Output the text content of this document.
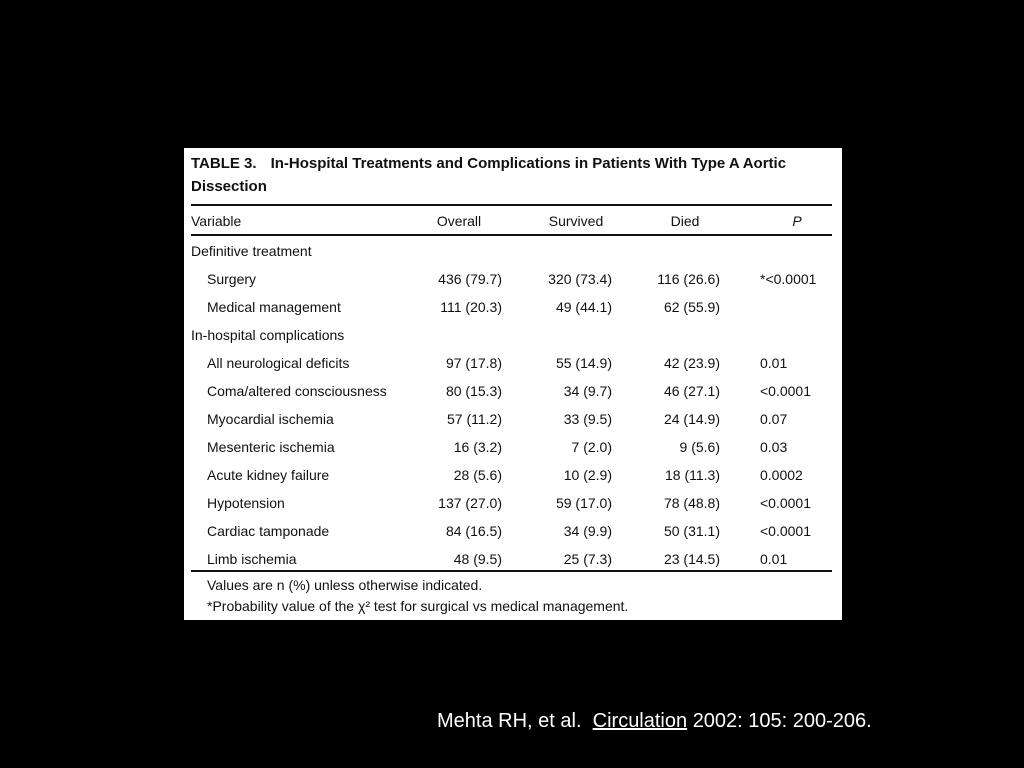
TABLE 3. In-Hospital Treatments and Complications in Patients With Type A Aortic Dissection
Variable	Overall	Survived	Died	P
Definitive treatment
Surgery	436 (79.7)	320 (73.4)	116 (26.6)	*<0.0001
Medical management	111 (20.3)	49 (44.1)	62 (55.9)
In-hospital complications
All neurological deficits	97 (17.8)	55 (14.9)	42 (23.9)	0.01
Coma/altered consciousness	80 (15.3)	34 (9.7)	46 (27.1)	<0.0001
Myocardial ischemia	57 (11.2)	33 (9.5)	24 (14.9)	0.07
Mesenteric ischemia	16 (3.2)	7 (2.0)	9 (5.6)	0.03
Acute kidney failure	28 (5.6)	10 (2.9)	18 (11.3)	0.0002
Hypotension	137 (27.0)	59 (17.0)	78 (48.8)	<0.0001
Cardiac tamponade	84 (16.5)	34 (9.9)	50 (31.1)	<0.0001
Limb ischemia	48 (9.5)	25 (7.3)	23 (14.5)	0.01
Values are n (%) unless otherwise indicated.
*Probability value of the χ² test for surgical vs medical management.
Mehta RH, et al. Circulation 2002: 105: 200-206.
